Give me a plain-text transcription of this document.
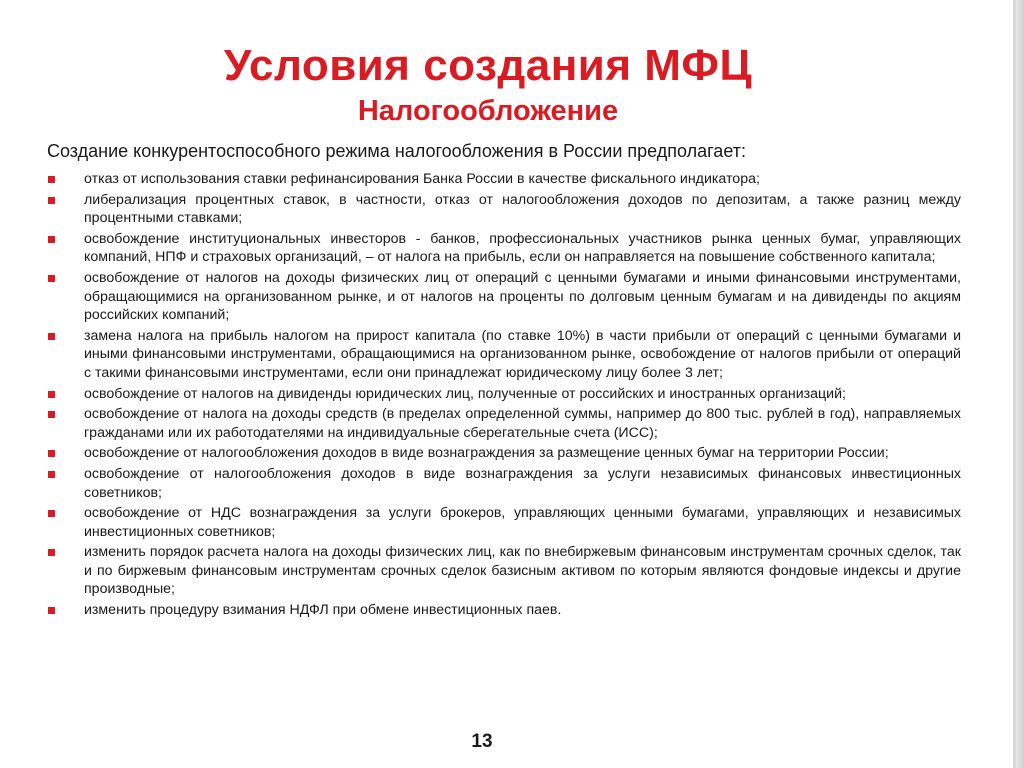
Условия создания МФЦ
Налогообложение
Создание конкурентоспособного режима налогообложения в России предполагает:
отказ от использования ставки рефинансирования Банка России в качестве фискального индикатора;
либерализация процентных ставок, в частности, отказ от налогообложения доходов по депозитам, а также разниц между процентными ставками;
освобождение институциональных инвесторов - банков, профессиональных участников рынка ценных бумаг, управляющих компаний, НПФ и страховых организаций, – от налога на прибыль, если он направляется на повышение собственного капитала;
освобождение от налогов на доходы физических лиц от операций с ценными бумагами и иными финансовыми инструментами, обращающимися на организованном рынке, и от налогов на проценты по долговым ценным бумагам и на дивиденды по акциям российских компаний;
замена налога на прибыль налогом на прирост капитала (по ставке 10%) в части прибыли от операций с ценными бумагами и иными финансовыми инструментами, обращающимися на организованном рынке, освобождение от налогов прибыли от операций с такими финансовыми инструментами, если они принадлежат юридическому лицу более 3 лет;
освобождение от налогов на дивиденды юридических лиц, полученные от российских и иностранных организаций;
освобождение от налога на доходы средств (в пределах определенной суммы, например до 800 тыс. рублей в год), направляемых гражданами или их работодателями на индивидуальные сберегательные счета (ИСС);
освобождение от налогообложения доходов в виде вознаграждения за размещение ценных бумаг на территории России;
освобождение от налогообложения доходов в виде вознаграждения за услуги независимых финансовых инвестиционных советников;
освобождение от НДС вознаграждения за услуги брокеров, управляющих ценными бумагами, управляющих и независимых инвестиционных советников;
изменить порядок расчета налога на доходы физических лиц, как по внебиржевым финансовым инструментам срочных сделок, так и по биржевым финансовым инструментам срочных сделок базисным активом по которым являются фондовые индексы и другие производные;
изменить процедуру взимания НДФЛ при обмене инвестиционных паев.
13
